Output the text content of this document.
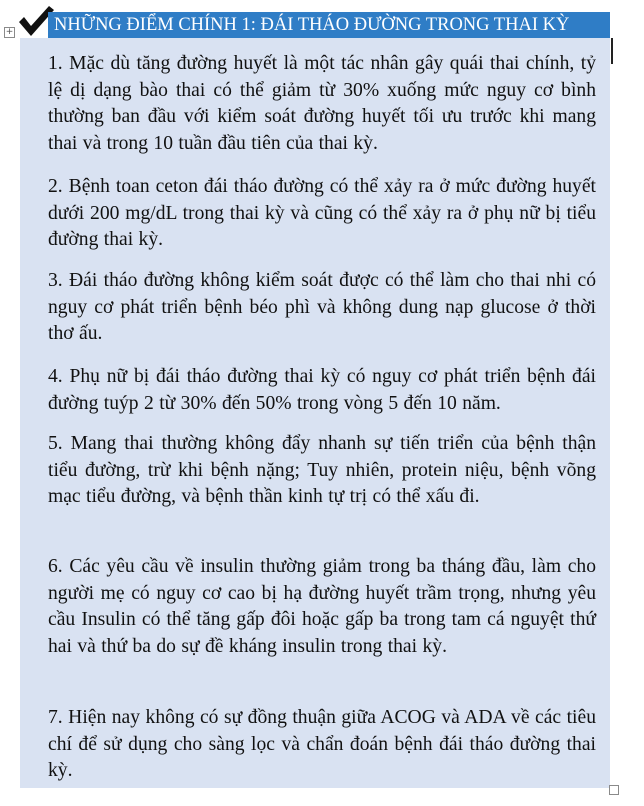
+	NHỮNG ĐIỂM CHÍNH 1: ĐÁI THÁO ĐƯỜNG TRONG THAI KỲ
1. Mặc dù tăng đường huyết là một tác nhân gây quái thai chính, tỷ lệ dị dạng bào thai có thể giảm từ 30% xuống mức nguy cơ bình thường ban đầu với kiểm soát đường huyết tối ưu trước khi mang thai và trong 10 tuần đầu tiên của thai kỳ.
2. Bệnh toan ceton đái tháo đường có thể xảy ra ở mức đường huyết dưới 200 mg/dL trong thai kỳ và cũng có thể xảy ra ở phụ nữ bị tiểu đường thai kỳ.
3. Đái tháo đường không kiểm soát được có thể làm cho thai nhi có nguy cơ phát triển bệnh béo phì và không dung nạp glucose ở thời thơ ấu.
4. Phụ nữ bị đái tháo đường thai kỳ có nguy cơ phát triển bệnh đái đường tuýp 2 từ 30% đến 50% trong vòng 5 đến 10 năm.
5. Mang thai thường không đẩy nhanh sự tiến triển của bệnh thận tiểu đường, trừ khi bệnh nặng; Tuy nhiên, protein niệu, bệnh võng mạc tiểu đường, và bệnh thần kinh tự trị có thể xấu đi.
6. Các yêu cầu về insulin thường giảm trong ba tháng đầu, làm cho người mẹ có nguy cơ cao bị hạ đường huyết trầm trọng, nhưng yêu cầu Insulin có thể tăng gấp đôi hoặc gấp ba trong tam cá nguyệt thứ hai và thứ ba do sự đề kháng insulin trong thai kỳ.
7. Hiện nay không có sự đồng thuận giữa ACOG và ADA về các tiêu chí để sử dụng cho sàng lọc và chẩn đoán bệnh đái tháo đường thai kỳ.
